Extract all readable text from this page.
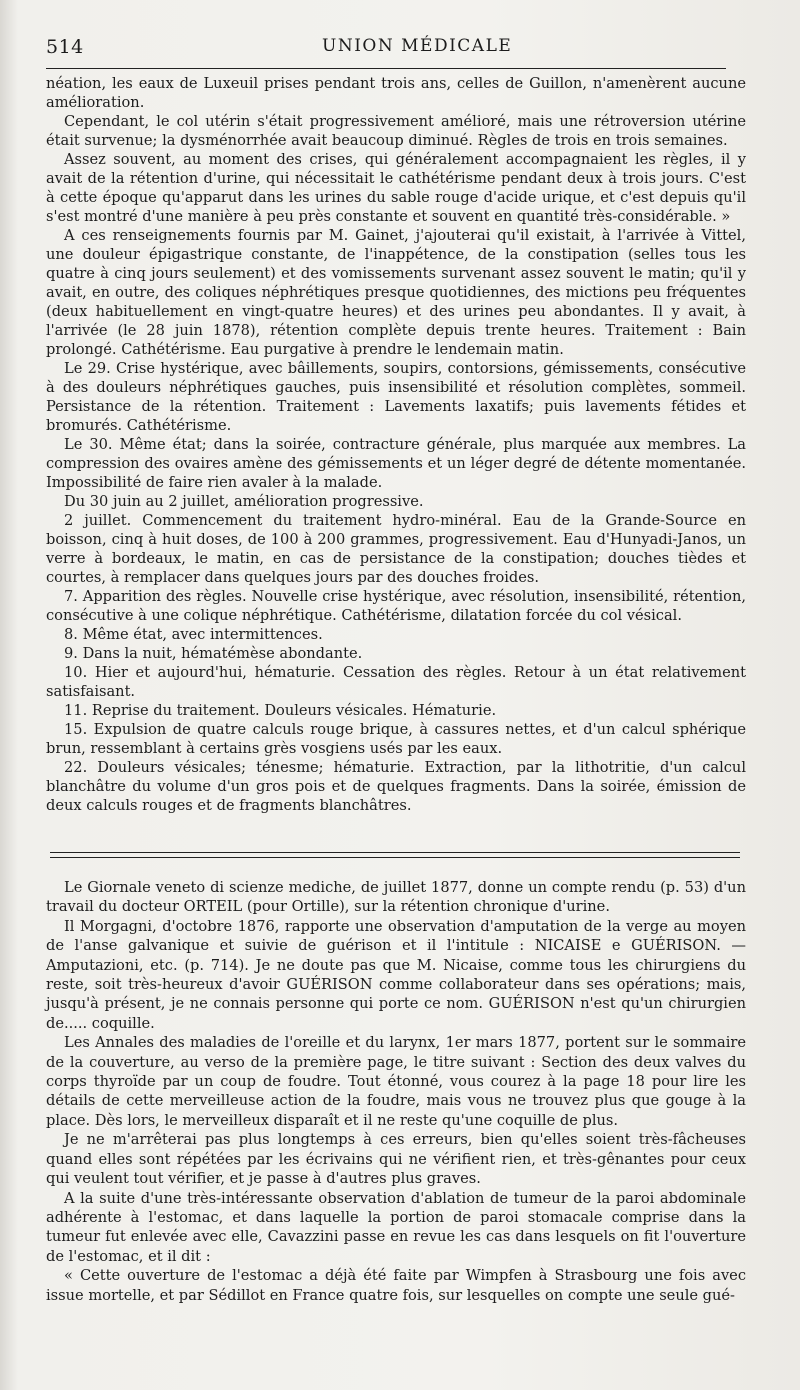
514	UNION MÉDICALE

néation, les eaux de Luxeuil prises pendant trois ans, celles de Guillon, n'amenèrent aucune amélioration.

Cependant, le col utérin s'était progressivement amélioré, mais une rétroversion utérine était survenue; la dysménorrhée avait beaucoup diminué. Règles de trois en trois semaines.

Assez souvent, au moment des crises, qui généralement accompagnaient les règles, il y avait de la rétention d'urine, qui nécessitait le cathétérisme pendant deux à trois jours. C'est à cette époque qu'apparut dans les urines du sable rouge d'acide urique, et c'est depuis qu'il s'est montré d'une manière à peu près constante et souvent en quantité très-considérable. »

A ces renseignements fournis par M. Gainet, j'ajouterai qu'il existait, à l'arrivée à Vittel, une douleur épigastrique constante, de l'inappétence, de la constipation (selles tous les quatre à cinq jours seulement) et des vomissements survenant assez souvent le matin; qu'il y avait, en outre, des coliques néphrétiques presque quotidiennes, des mictions peu fréquentes (deux habituellement en vingt-quatre heures) et des urines peu abondantes. Il y avait, à l'arrivée (le 28 juin 1878), rétention complète depuis trente heures. Traitement : Bain prolongé. Cathétérisme. Eau purgative à prendre le lendemain matin.

Le 29. Crise hystérique, avec bâillements, soupirs, contorsions, gémissements, consécutive à des douleurs néphrétiques gauches, puis insensibilité et résolution complètes, sommeil. Persistance de la rétention. Traitement : Lavements laxatifs; puis lavements fétides et bromurés. Cathétérisme.

Le 30. Même état; dans la soirée, contracture générale, plus marquée aux membres. La compression des ovaires amène des gémissements et un léger degré de détente momentanée. Impossibilité de faire rien avaler à la malade.

Du 30 juin au 2 juillet, amélioration progressive.

2 juillet. Commencement du traitement hydro-minéral. Eau de la Grande-Source en boisson, cinq à huit doses, de 100 à 200 grammes, progressivement. Eau d'Hunyadi-Janos, un verre à bordeaux, le matin, en cas de persistance de la constipation; douches tièdes et courtes, à remplacer dans quelques jours par des douches froides.

7. Apparition des règles. Nouvelle crise hystérique, avec résolution, insensibilité, rétention, consécutive à une colique néphrétique. Cathétérisme, dilatation forcée du col vésical.

8. Même état, avec intermittences.

9. Dans la nuit, hématémèse abondante.

10. Hier et aujourd'hui, hématurie. Cessation des règles. Retour à un état relativement satisfaisant.

11. Reprise du traitement. Douleurs vésicales. Hématurie.

15. Expulsion de quatre calculs rouge brique, à cassures nettes, et d'un calcul sphérique brun, ressemblant à certains grès vosgiens usés par les eaux.

22. Douleurs vésicales; ténesme; hématurie. Extraction, par la lithotritie, d'un calcul blanchâtre du volume d'un gros pois et de quelques fragments. Dans la soirée, émission de deux calculs rouges et de fragments blanchâtres.

Le Giornale veneto di scienze mediche, de juillet 1877, donne un compte rendu (p. 53) d'un travail du docteur ORTEIL (pour Ortille), sur la rétention chronique d'urine.

Il Morgagni, d'octobre 1876, rapporte une observation d'amputation de la verge au moyen de l'anse galvanique et suivie de guérison et il l'intitule : NICAISE e GUÉRISON. — Amputazioni, etc. (p. 714). Je ne doute pas que M. Nicaise, comme tous les chirurgiens du reste, soit très-heureux d'avoir GUÉRISON comme collaborateur dans ses opérations; mais, jusqu'à présent, je ne connais personne qui porte ce nom. GUÉRISON n'est qu'un chirurgien de..... coquille.

Les Annales des maladies de l'oreille et du larynx, 1er mars 1877, portent sur le sommaire de la couverture, au verso de la première page, le titre suivant : Section des deux valves du corps thyroïde par un coup de foudre. Tout étonné, vous courez à la page 18 pour lire les détails de cette merveilleuse action de la foudre, mais vous ne trouvez plus que gouge à la place. Dès lors, le merveilleux disparaît et il ne reste qu'une coquille de plus.

Je ne m'arrêterai pas plus longtemps à ces erreurs, bien qu'elles soient très-fâcheuses quand elles sont répétées par les écrivains qui ne vérifient rien, et très-gênantes pour ceux qui veulent tout vérifier, et je passe à d'autres plus graves.

A la suite d'une très-intéressante observation d'ablation de tumeur de la paroi abdominale adhérente à l'estomac, et dans laquelle la portion de paroi stomacale comprise dans la tumeur fut enlevée avec elle, Cavazzini passe en revue les cas dans lesquels on fit l'ouverture de l'estomac, et il dit :

« Cette ouverture de l'estomac a déjà été faite par Wimpfen à Strasbourg une fois avec issue mortelle, et par Sédillot en France quatre fois, sur lesquelles on compte une seule gué-
